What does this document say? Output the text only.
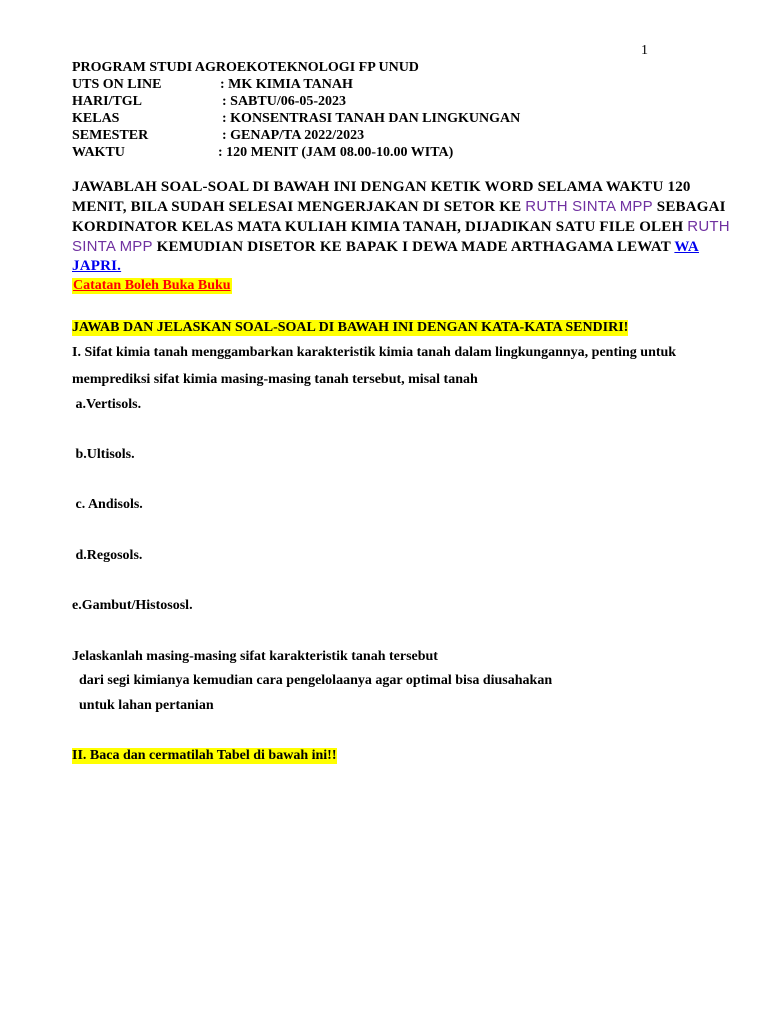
1
PROGRAM STUDI AGROEKOTEKNOLOGI FP UNUD
UTS ON LINE	: MK KIMIA TANAH
HARI/TGL	: SABTU/06-05-2023
KELAS	: KONSENTRASI TANAH DAN LINGKUNGAN
SEMESTER	: GENAP/TA 2022/2023
WAKTU	: 120 MENIT (JAM 08.00-10.00 WITA)
JAWABLAH SOAL-SOAL DI BAWAH INI DENGAN KETIK WORD SELAMA WAKTU 120 MENIT, BILA SUDAH SELESAI MENGERJAKAN DI SETOR KE RUTH SINTA MPP SEBAGAI KORDINATOR KELAS MATA KULIAH KIMIA TANAH, DIJADIKAN SATU FILE OLEH RUTH SINTA MPP KEMUDIAN DISETOR KE BAPAK I DEWA MADE ARTHAGAMA LEWAT WA JAPRI.
Catatan Boleh Buka Buku
JAWAB DAN JELASKAN SOAL-SOAL DI BAWAH INI DENGAN KATA-KATA SENDIRI!
I. Sifat kimia tanah menggambarkan karakteristik kimia tanah dalam lingkungannya, penting untuk
memprediksi sifat kimia masing-masing tanah tersebut, misal tanah
a.Vertisols.
b.Ultisols.
c. Andisols.
d.Regosols.
e.Gambut/Histososl.
Jelaskanlah masing-masing sifat karakteristik tanah tersebut
dari segi kimianya kemudian cara pengelolaanya agar optimal bisa diusahakan
untuk lahan pertanian
II. Baca dan cermatilah Tabel di bawah ini!!
